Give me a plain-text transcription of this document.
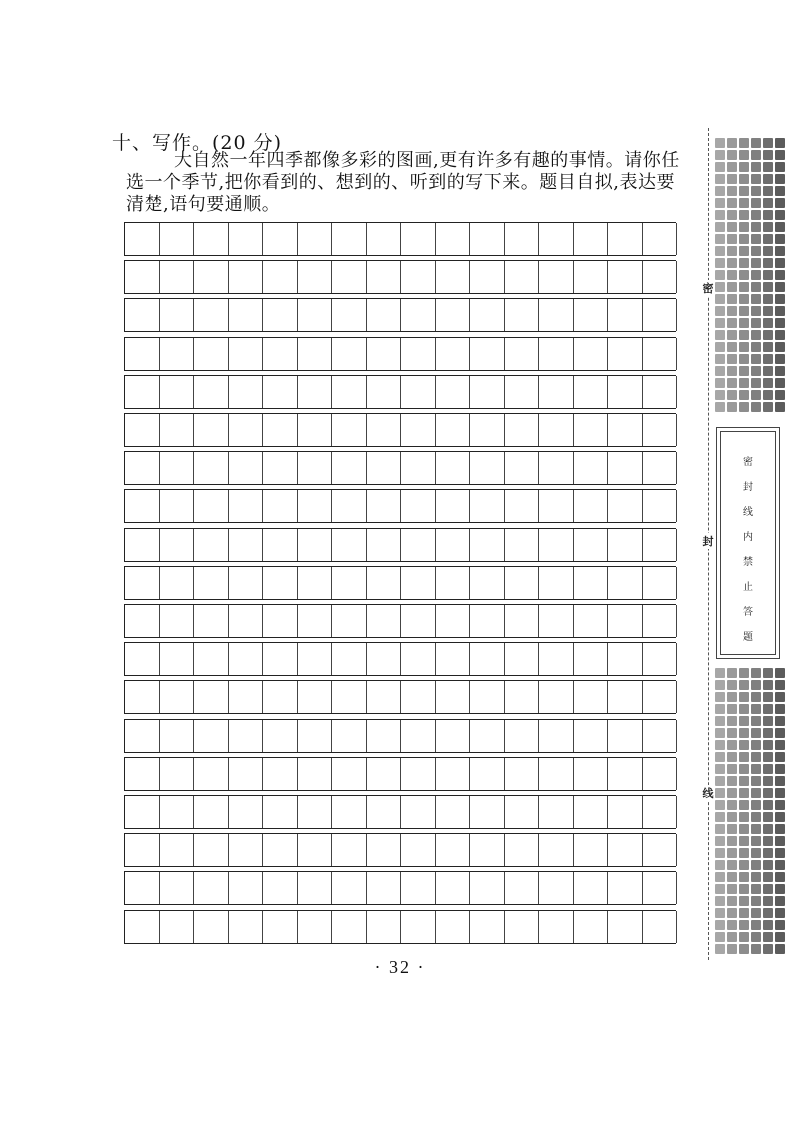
十、写作。(20 分)

大自然一年四季都像多彩的图画,更有许多有趣的事情。请你任选一个季节,把你看到的、想到的、听到的写下来。题目自拟,表达要清楚,语句要通顺。

· 32 ·
密
密
封
线
内
禁
止
答
题
封
线
